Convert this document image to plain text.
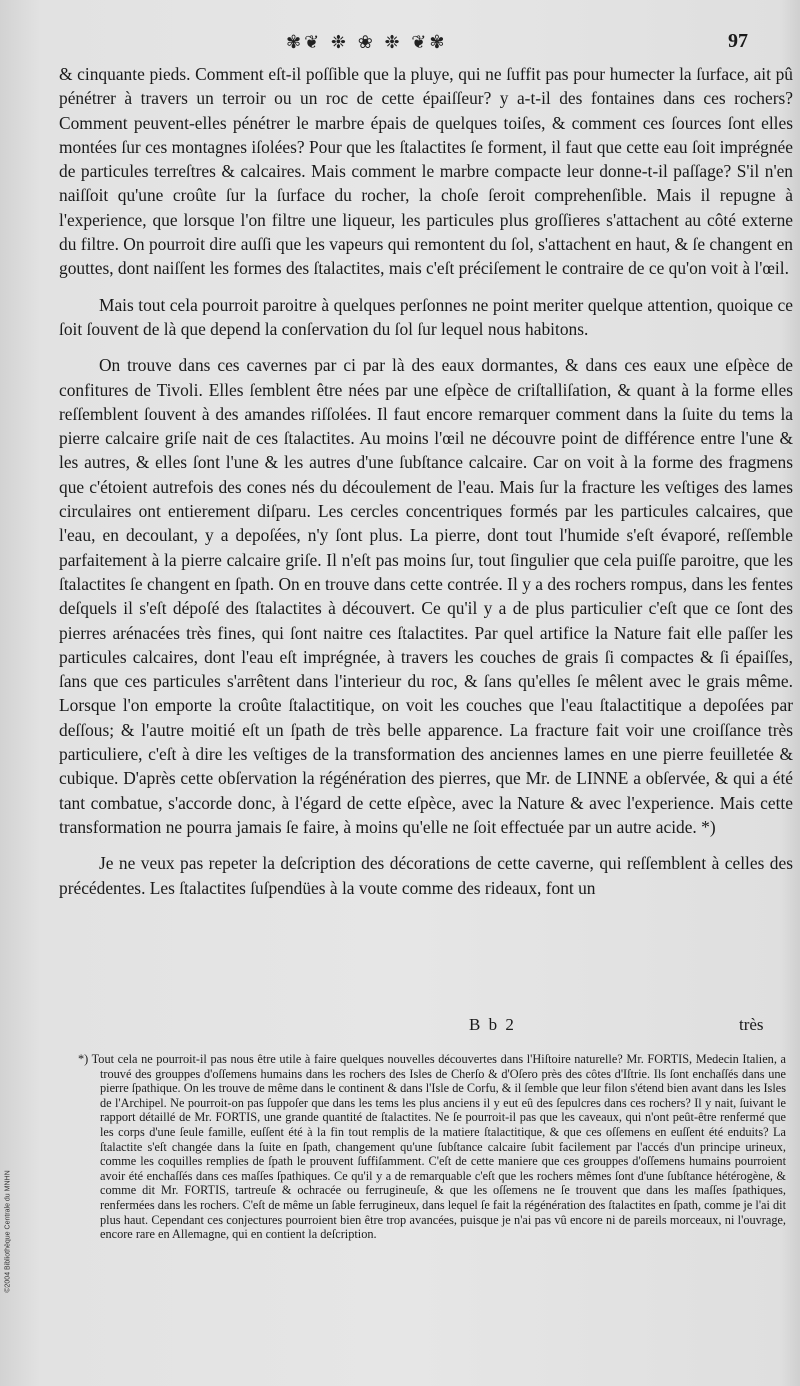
✾❦ ❉ ❀ ❉ ❦✾	97

& cinquante pieds. Comment eſt-il poſſible que la pluye, qui ne ſuffit pas pour humecter la ſurface, ait pû pénétrer à travers un terroir ou un roc de cette épaiſſeur? y a-t-il des fontaines dans ces rochers? Comment peuvent-elles pénétrer le marbre épais de quelques toiſes, & comment ces ſources ſont elles montées ſur ces montagnes iſolées? Pour que les ſtalactites ſe forment, il faut que cette eau ſoit imprégnée de particules terreſtres & calcaires. Mais comment le marbre compacte leur donne-t-il paſſage? S'il n'en naiſſoit qu'une croûte ſur la ſurface du rocher, la choſe ſeroit comprehenſible. Mais il repugne à l'experience, que lorsque l'on filtre une liqueur, les particules plus groſſieres s'attachent au côté externe du filtre. On pourroit dire auſſi que les vapeurs qui remontent du ſol, s'attachent en haut, & ſe changent en gouttes, dont naiſſent les formes des ſtalactites, mais c'eſt préciſement le contraire de ce qu'on voit à l'œil.

Mais tout cela pourroit paroitre à quelques perſonnes ne point meriter quelque attention, quoique ce ſoit ſouvent de là que depend la conſervation du ſol ſur lequel nous habitons.

On trouve dans ces cavernes par ci par là des eaux dormantes, & dans ces eaux une eſpèce de confitures de Tivoli. Elles ſemblent être nées par une eſpèce de criſtalliſation, & quant à la forme elles reſſemblent ſouvent à des amandes riſſolées. Il faut encore remarquer comment dans la ſuite du tems la pierre calcaire griſe nait de ces ſtalactites. Au moins l'œil ne découvre point de différence entre l'une & les autres, & elles ſont l'une & les autres d'une ſubſtance calcaire. Car on voit à la forme des fragmens que c'étoient autrefois des cones nés du découlement de l'eau. Mais ſur la fracture les veſtiges des lames circulaires ont entierement diſparu. Les cercles concentriques formés par les particules calcaires, que l'eau, en decoulant, y a depoſées, n'y ſont plus. La pierre, dont tout l'humide s'eſt évaporé, reſſemble parfaitement à la pierre calcaire griſe. Il n'eſt pas moins ſur, tout ſingulier que cela puiſſe paroitre, que les ſtalactites ſe changent en ſpath. On en trouve dans cette contrée. Il y a des rochers rompus, dans les fentes deſquels il s'eſt dépoſé des ſtalactites à découvert. Ce qu'il y a de plus particulier c'eſt que ce ſont des pierres arénacées très fines, qui ſont naitre ces ſtalactites. Par quel artifice la Nature fait elle paſſer les particules calcaires, dont l'eau eſt imprégnée, à travers les couches de grais ſi compactes & ſi épaiſſes, ſans que ces particules s'arrêtent dans l'interieur du roc, & ſans qu'elles ſe mêlent avec le grais même. Lorsque l'on emporte la croûte ſtalactitique, on voit les couches que l'eau ſtalactitique a depoſées par deſſous; & l'autre moitié eſt un ſpath de très belle apparence. La fracture fait voir une croiſſance très particuliere, c'eſt à dire les veſtiges de la transformation des anciennes lames en une pierre feuilletée & cubique. D'après cette obſervation la régénération des pierres, que Mr. de LINNE a obſervée, & qui a été tant combatue, s'accorde donc, à l'égard de cette eſpèce, avec la Nature & avec l'experience. Mais cette transformation ne pourra jamais ſe faire, à moins qu'elle ne ſoit effectuée par un autre acide. *)

Je ne veux pas repeter la deſcription des décorations de cette caverne, qui reſſemblent à celles des précédentes. Les ſtalactites ſuſpendües à la voute comme des rideaux, font un

B b 2	très

*) Tout cela ne pourroit-il pas nous être utile à faire quelques nouvelles découvertes dans l'Hiſtoire naturelle? Mr. FORTIS, Medecin Italien, a trouvé des grouppes d'oſſemens humains dans les rochers des Isles de Cherſo & d'Oſero près des côtes d'Iſtrie. Ils ſont enchaſſés dans une pierre ſpathique. On les trouve de même dans le continent & dans l'Isle de Corfu, & il ſemble que leur filon s'étend bien avant dans les Isles de l'Archipel. Ne pourroit-on pas ſuppoſer que dans les tems les plus anciens il y eut eû des ſepulcres dans ces rochers? Il y nait, ſuivant le rapport détaillé de Mr. FORTIS, une grande quantité de ſtalactites. Ne ſe pourroit-il pas que les caveaux, qui n'ont peût-être renfermé que les corps d'une ſeule famille, euſſent été à la fin tout remplis de la matiere ſtalactitique, & que ces oſſemens en euſſent été enduits? La ſtalactite s'eſt changée dans la ſuite en ſpath, changement qu'une ſubſtance calcaire ſubit facilement par l'accés d'un principe urineux, comme les coquilles remplies de ſpath le prouvent ſuffiſamment. C'eſt de cette maniere que ces grouppes d'oſſemens humains pourroient avoir été enchaſſés dans ces maſſes ſpathiques. Ce qu'il y a de remarquable c'eſt que les rochers mêmes ſont d'une ſubſtance hétérogène, & comme dit Mr. FORTIS, tartreuſe & ochracée ou ferrugineuſe, & que les oſſemens ne ſe trouvent que dans les maſſes ſpathiques, renfermées dans les rochers. C'eſt de même un ſable ferrugineux, dans lequel ſe fait la régénération des ſtalactites en ſpath, comme je l'ai dit plus haut. Cependant ces conjectures pourroient bien être trop avancées, puisque je n'ai pas vû encore ni de pareils morceaux, ni l'ouvrage, encore rare en Allemagne, qui en contient la deſcription.

©2004 Bibliothèque Centrale du MNHN
